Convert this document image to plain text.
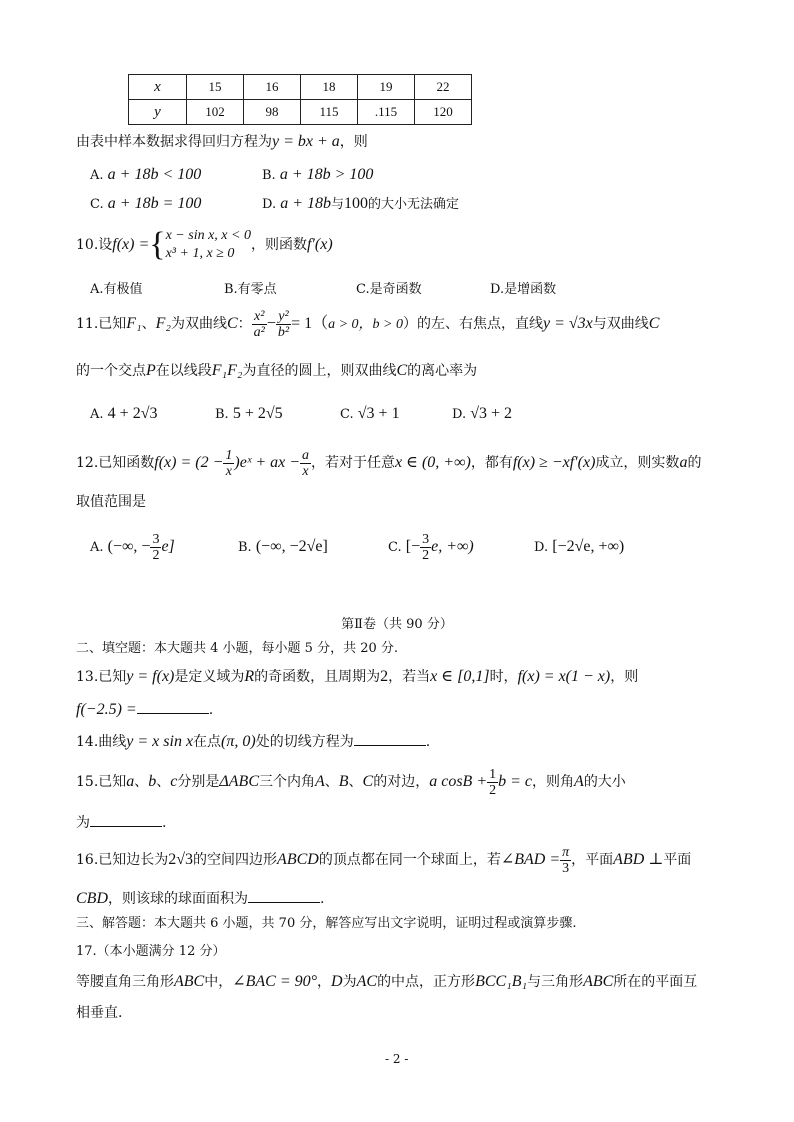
x	15	16	18	19	22
y	102	98	115	.115	120
由表中样本数据求得回归方程为y = bx + a，则
A. a + 18b < 100	B. a + 18b > 100
C. a + 18b = 100	D. a + 18b与100的大小无法确定
10.设f(x) ={ x − sin x, x < 0
x³ + 1, x ≥ 0
，则函数f′(x)
A.有极值	B.有零点	C.是奇函数	D.是增函数
11.已知F₁、F₂为双曲线C： $\frac{\text{x²}}{\text{a²}} - \frac{\text{y²}}{\text{b²}} = 1(a > 0$，b > 0）的左、右焦点，直线y = √3x与双曲线C
的一个交点P在以线段F₁F₂为直径的圆上，则双曲线C的离心率为
A. 4 + 2√3	B. 5 + 2√5	C. √3 + 1	D. √3 + 2
12.已知函数$f(x) = (2 - \frac{1}{x}$ )eˣ + ax − $\frac{a}{x}$ ，若对于任意x ∈ (0, +∞)，都有f(x) ≥ −xf′(x)成立，则实数a的
取值范围是
A. (−∞, − $\frac{3}{2} e$]	B. (−∞, −2√e]	C. [− $\frac{3}{2} e$, +∞)	D. [−2√e, +∞)
第Ⅱ卷（共 90 分）
二、填空题：本大题共 4 小题，每小题 5 分，共 20 分.
13.已知y = f(x)是定义域为R的奇函数，且周期为2，若当x ∈ [0,1]时，f(x) = x(1 − x)，则
f(−2.5) =	.
14.曲线y = x sin x在点(π, 0)处的切线方程为	.
15.已知a、b、c分别是ΔABC三个内角A、B、C的对边，a $\cos B + \frac{1}{2}$ b = c，则角A的大小
为	.
16.已知边长为2√3的空间四边形ABCD的顶点都在同一个球面上，若∠BAD = $\frac{\pi}{3}$ ，平面ABD ⊥平面
CBD，则该球的球面面积为	.
三、解答题：本大题共 6 小题，共 70 分，解答应写出文字说明，证明过程或演算步骤.
17.（本小题满分 12 分）
等腰直角三角形ABC中，∠BAC = 90°，D为AC的中点，正方形BCC₁B₁与三角形ABC所在的平面互
相垂直.
- 2 -
